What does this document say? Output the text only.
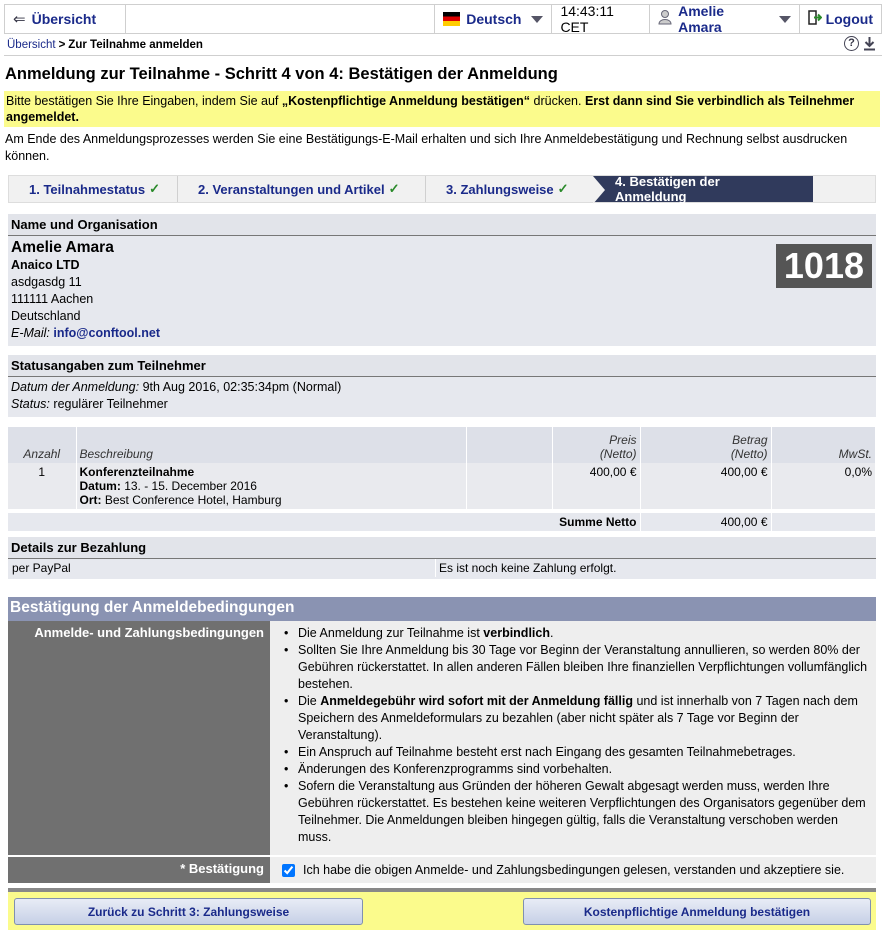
⇐ Übersicht	Deutsch	14:43:11 CET
Amelie Amara	Logout
Übersicht > Zur Teilnahme anmelden	?
Anmeldung zur Teilnahme - Schritt 4 von 4: Bestätigen der Anmeldung
Bitte bestätigen Sie Ihre Eingaben, indem Sie auf „Kostenpflichtige Anmeldung bestätigen“ drücken. Erst dann sind Sie verbindlich als Teilnehmer angemeldet.
Am Ende des Anmeldungsprozesses werden Sie eine Bestätigungs-E-Mail erhalten und sich Ihre Anmeldebestätigung und Rechnung selbst ausdrucken können.
1. Teilnahmestatus ✓	2. Veranstaltungen und Artikel ✓	3. Zahlungsweise ✓	4. Bestätigen der Anmeldung
Name und Organisation
Amelie Amara
Anaico LTD
asdgasdg 11
111111 Aachen
Deutschland
E-Mail: info@conftool.net
1018
Statusangaben zum Teilnehmer
Datum der Anmeldung: 9th Aug 2016, 02:35:34pm (Normal)
Status: regulärer Teilnehmer
Anzahl	Beschreibung		Preis
(Netto)	Betrag
(Netto)	MwSt.
1	Konferenzteilnahme
Datum: 13. - 15. December 2016
Ort: Best Conference Hotel, Hamburg		400,00 €	400,00 €	0,0%

Summe Netto				400,00 €	
Details zur Bezahlung
per PayPal	Es ist noch keine Zahlung erfolgt.
Bestätigung der Anmeldebedingungen
Anmelde- und Zahlungsbedingungen	• Die Anmeldung zur Teilnahme ist verbindlich.
• Sollten Sie Ihre Anmeldung bis 30 Tage vor Beginn der Veranstaltung annullieren, so werden 80% der Gebühren rückerstattet. In allen anderen Fällen bleiben Ihre finanziellen Verpflichtungen vollumfänglich bestehen.
• Die Anmeldegebühr wird sofort mit der Anmeldung fällig und ist innerhalb von 7 Tagen nach dem Speichern des Anmeldeformulars zu bezahlen (aber nicht später als 7 Tage vor Beginn der Veranstaltung).
• Ein Anspruch auf Teilnahme besteht erst nach Eingang des gesamten Teilnahmebetrages.
• Änderungen des Konferenzprogramms sind vorbehalten.
• Sofern die Veranstaltung aus Gründen der höheren Gewalt abgesagt werden muss, werden Ihre Gebühren rückerstattet. Es bestehen keine weiteren Verpflichtungen des Organisators gegenüber dem Teilnehmer. Die Anmeldungen bleiben hingegen gültig, falls die Veranstaltung verschoben werden muss.
* Bestätigung	Ich habe die obigen Anmelde- und Zahlungsbedingungen gelesen, verstanden und akzeptiere sie.
Zurück zu Schritt 3: Zahlungsweise	Kostenpflichtige Anmeldung bestätigen
